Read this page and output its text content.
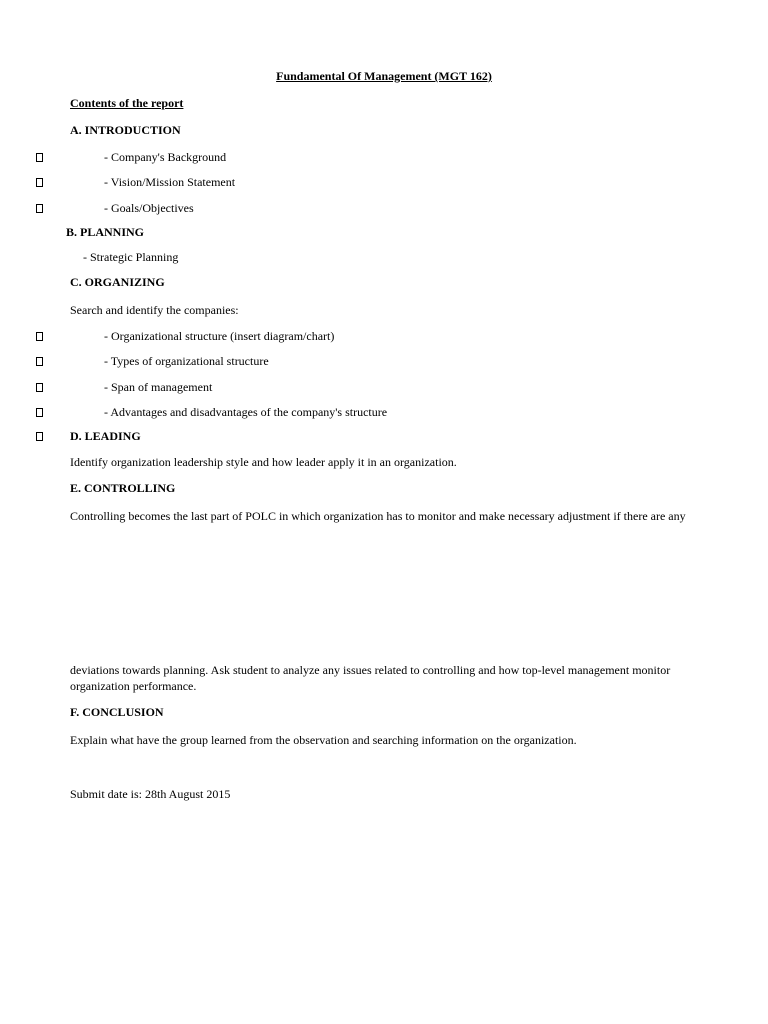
Fundamental Of Management (MGT 162)
Contents of the report
A. INTRODUCTION
- Company's Background
- Vision/Mission Statement
- Goals/Objectives
B. PLANNING
- Strategic Planning
C. ORGANIZING
Search and identify the companies:
- Organizational structure (insert diagram/chart)
- Types of organizational structure
- Span of management
- Advantages and disadvantages of the company's structure
D. LEADING
Identify organization leadership style and how leader apply it in an organization.
E. CONTROLLING
Controlling becomes the last part of POLC in which organization has to monitor and make necessary adjustment if there are any
deviations towards planning. Ask student to analyze any issues related to controlling and how top-level management monitor
organization performance.
F. CONCLUSION
Explain what have the group learned from the observation and searching information on the organization.
Submit date is: 28th August 2015
